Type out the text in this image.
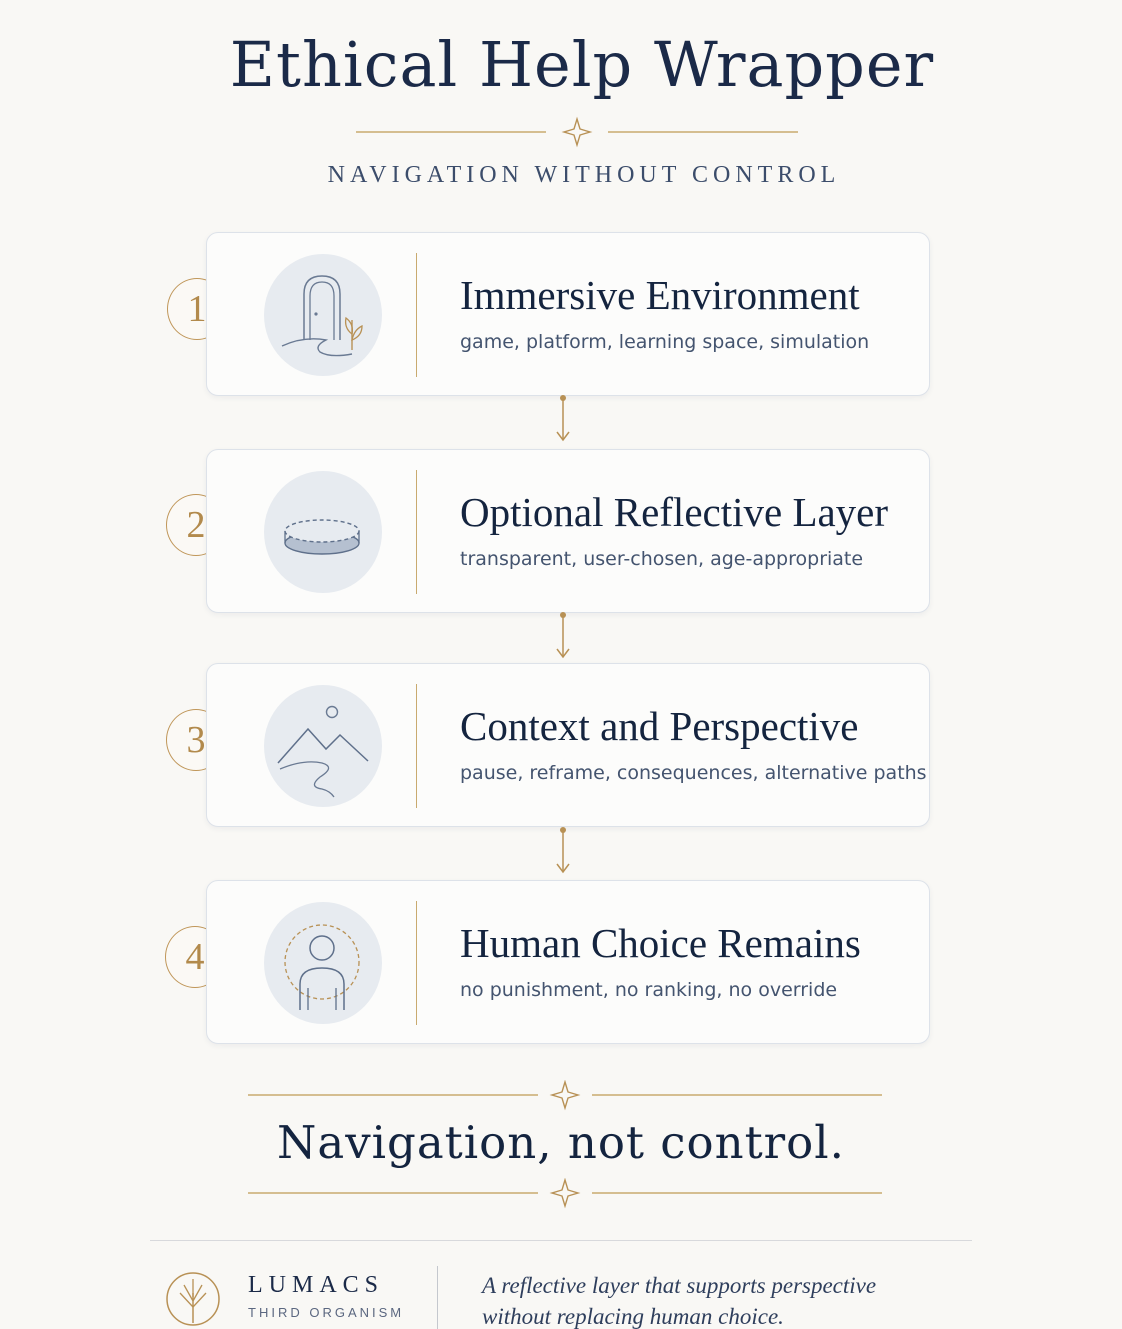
Ethical Help Wrapper
NAVIGATION WITHOUT CONTROL
1	Immersive Environment
game, platform, learning space, simulation
2	Optional Reflective Layer
transparent, user-chosen, age-appropriate
3	Context and Perspective
pause, reframe, consequences, alternative paths
4	Human Choice Remains
no punishment, no ranking, no override
Navigation, not control.
LUMACS
THIRD ORGANISM
A reflective layer that supports perspective
without replacing human choice.
